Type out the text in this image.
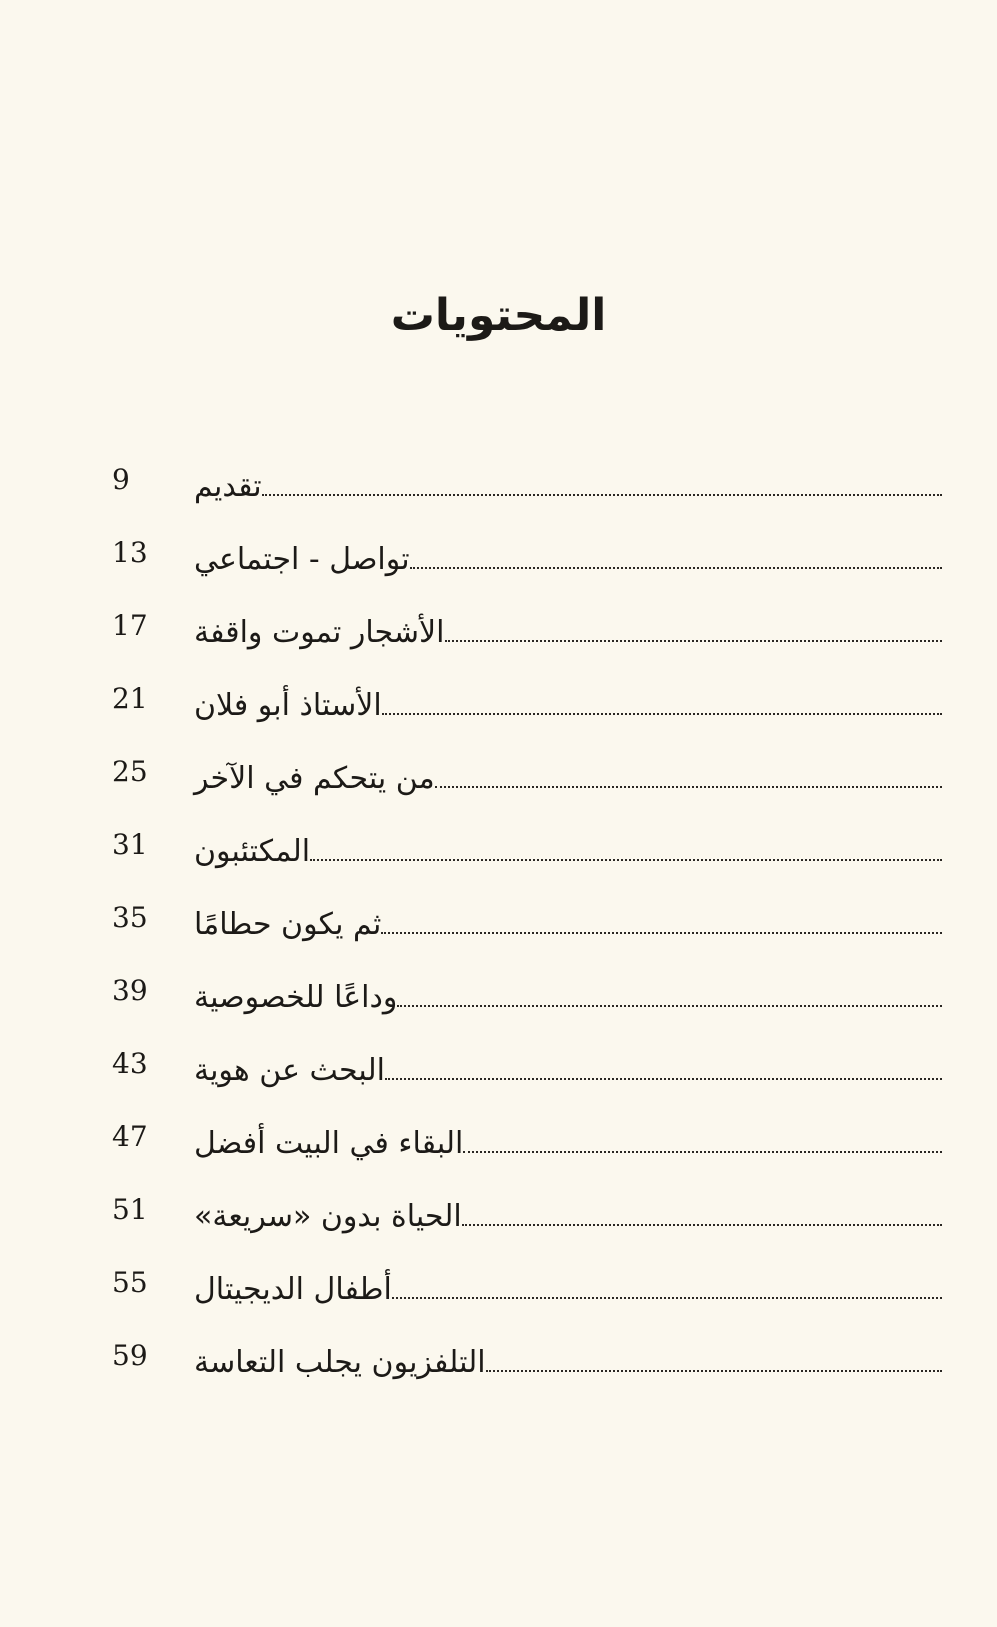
المحتويات
9	تقديم
13	تواصل - اجتماعي
17	الأشجار تموت واقفة
21	الأستاذ أبو فلان
25	من يتحكم في الآخر
31	المكتئبون
35	ثم يكون حطامًا
39	وداعًا للخصوصية
43	البحث عن هوية
47	البقاء في البيت أفضل
51	الحياة بدون «سريعة»
55	أطفال الديجيتال
59	التلفزيون يجلب التعاسة
